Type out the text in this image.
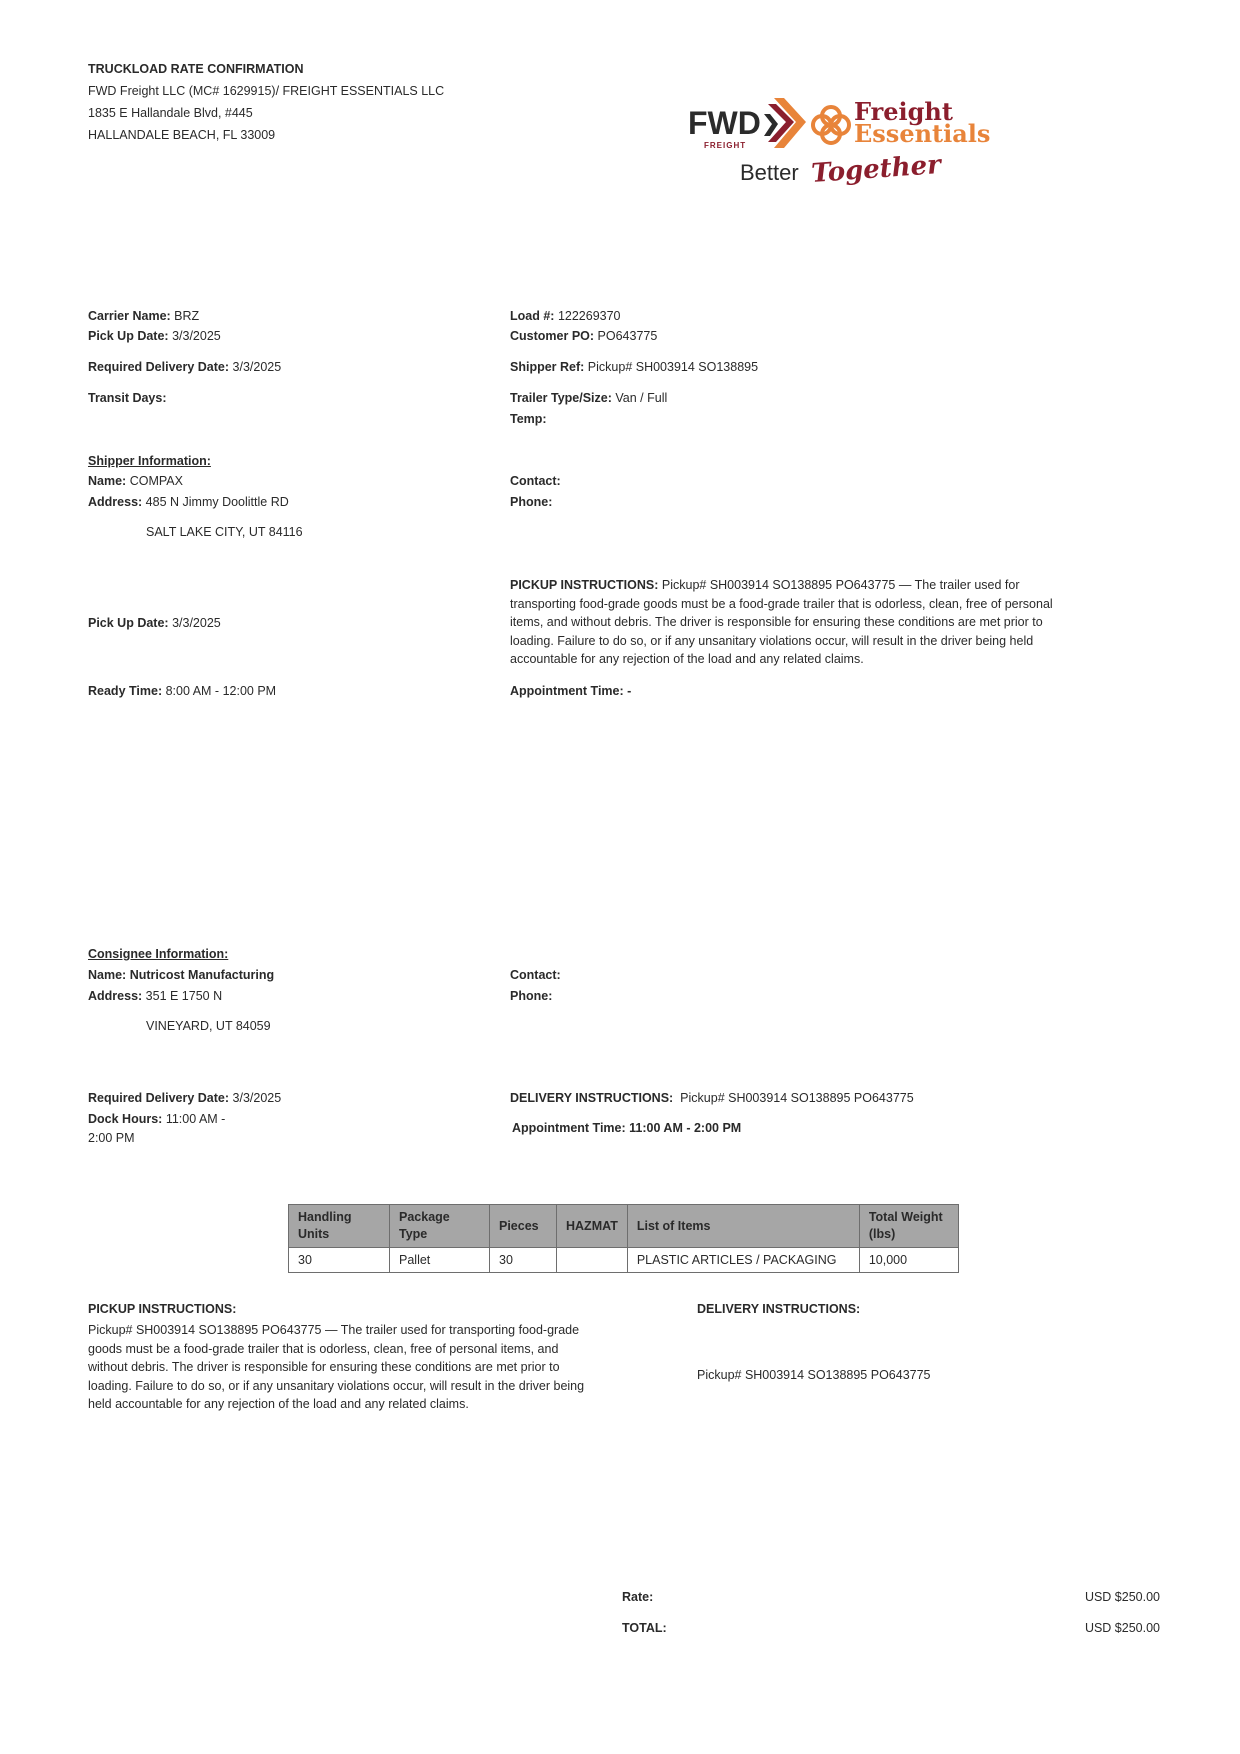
TRUCKLOAD RATE CONFIRMATION
FWD Freight LLC (MC# 1629915)/ FREIGHT ESSENTIALS LLC
1835 E Hallandale Blvd, #445
HALLANDALE BEACH, FL 33009	FWD
FREIGHT
Freight
Essentials
Better Together
Carrier Name: BRZ
Pick Up Date: 3/3/2025
Required Delivery Date: 3/3/2025
Transit Days:
Load #: 122269370
Customer PO: PO643775
Shipper Ref: Pickup# SH003914 SO138895
Trailer Type/Size: Van / Full
Temp:
Shipper Information:
Name: COMPAX
Address: 485 N Jimmy Doolittle RD
SALT LAKE CITY, UT 84116
Contact:
Phone:
PICKUP INSTRUCTIONS: Pickup# SH003914 SO138895 PO643775 — The trailer used for transporting food-grade goods must be a food-grade trailer that is odorless, clean, free of personal items, and without debris. The driver is responsible for ensuring these conditions are met prior to loading. Failure to do so, or if any unsanitary violations occur, will result in the driver being held accountable for any rejection of the load and any related claims.
Pick Up Date: 3/3/2025
Ready Time: 8:00 AM - 12:00 PM	Appointment Time: -
Consignee Information:
Name: Nutricost Manufacturing
Address: 351 E 1750 N
VINEYARD, UT 84059
Contact:
Phone:
Required Delivery Date: 3/3/2025
Dock Hours: 11:00 AM -
2:00 PM
DELIVERY INSTRUCTIONS: Pickup# SH003914 SO138895 PO643775
Appointment Time: 11:00 AM - 2:00 PM
Handling Units	Package Type	Pieces	HAZMAT	List of Items	Total Weight (lbs)
30	Pallet	30		PLASTIC ARTICLES / PACKAGING	10,000
PICKUP INSTRUCTIONS:
Pickup# SH003914 SO138895 PO643775 — The trailer used for transporting food-grade goods must be a food-grade trailer that is odorless, clean, free of personal items, and without debris. The driver is responsible for ensuring these conditions are met prior to loading. Failure to do so, or if any unsanitary violations occur, will result in the driver being held accountable for any rejection of the load and any related claims.
DELIVERY INSTRUCTIONS:
Pickup# SH003914 SO138895 PO643775
Rate:	USD $250.00
TOTAL:	USD $250.00
